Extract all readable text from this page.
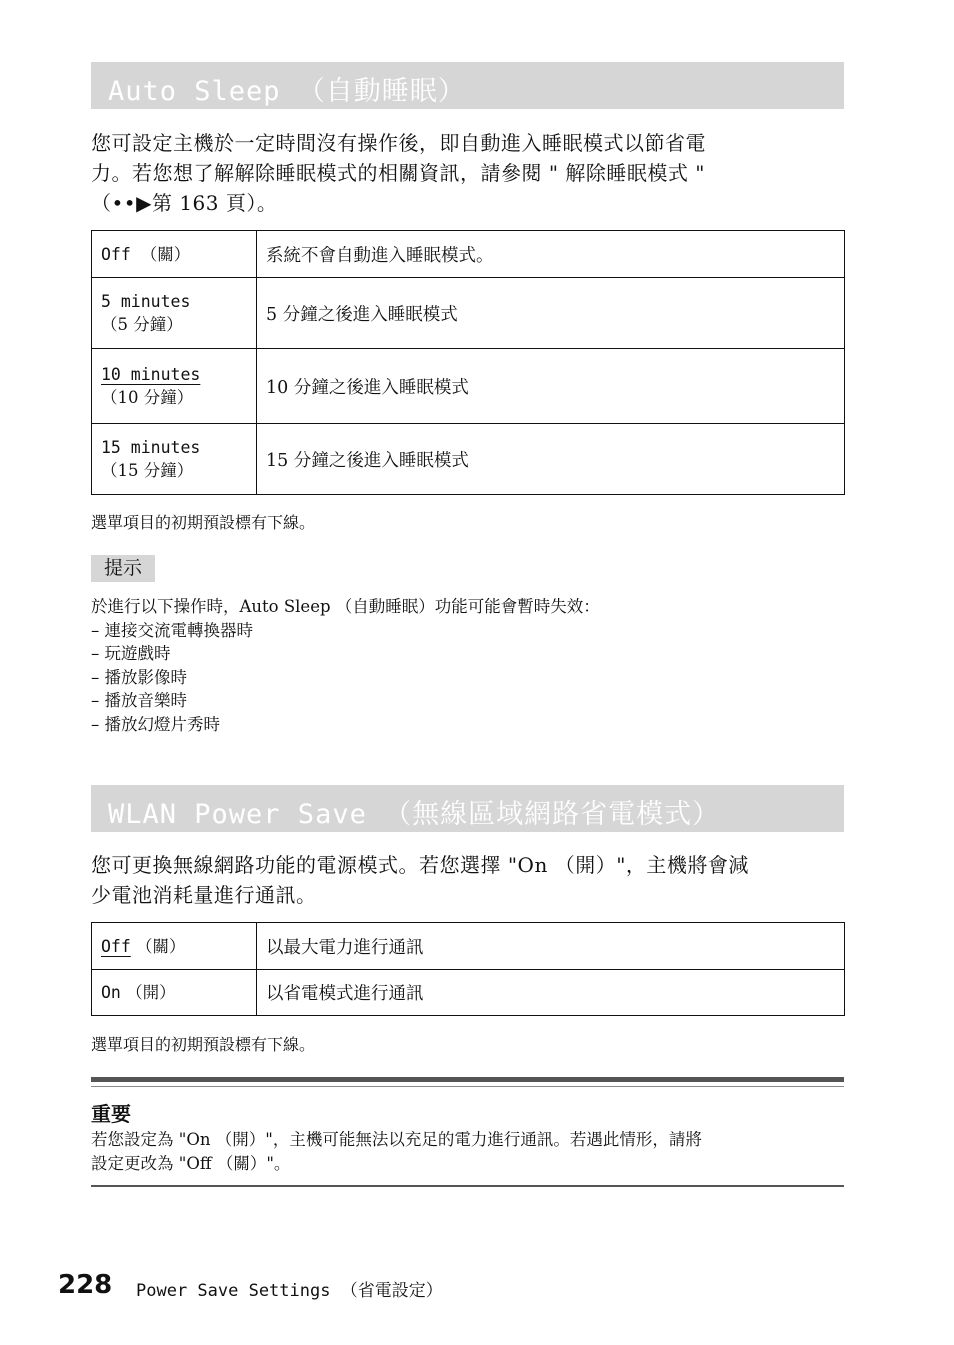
Auto Sleep （自動睡眠）
您可設定主機於一定時間沒有操作後，即自動進入睡眠模式以節省電
力。若您想了解解除睡眠模式的相關資訊，請參閱 " 解除睡眠模式 "
（••▶第 163 頁）。
Off （關）	系統不會自動進入睡眠模式。

5 minutes
（5 分鐘）	5 分鐘之後進入睡眠模式

10 minutes
（10 分鐘）	10 分鐘之後進入睡眠模式

15 minutes
（15 分鐘）	15 分鐘之後進入睡眠模式
選單項目的初期預設標有下線。
提示
於進行以下操作時，Auto Sleep （自動睡眠）功能可能會暫時失效：
– 連接交流電轉換器時
– 玩遊戲時
– 播放影像時
– 播放音樂時
– 播放幻燈片秀時
WLAN Power Save （無線區域網路省電模式）
您可更換無線網路功能的電源模式。若您選擇 "On （開）"，主機將會減
少電池消耗量進行通訊。
Off （關）	以最大電力進行通訊
On （開）	以省電模式進行通訊
選單項目的初期預設標有下線。
重要
若您設定為 "On （開）"，主機可能無法以充足的電力進行通訊。若遇此情形，請將
設定更改為 "Off （關）"。
228 Power Save Settings （省電設定）
